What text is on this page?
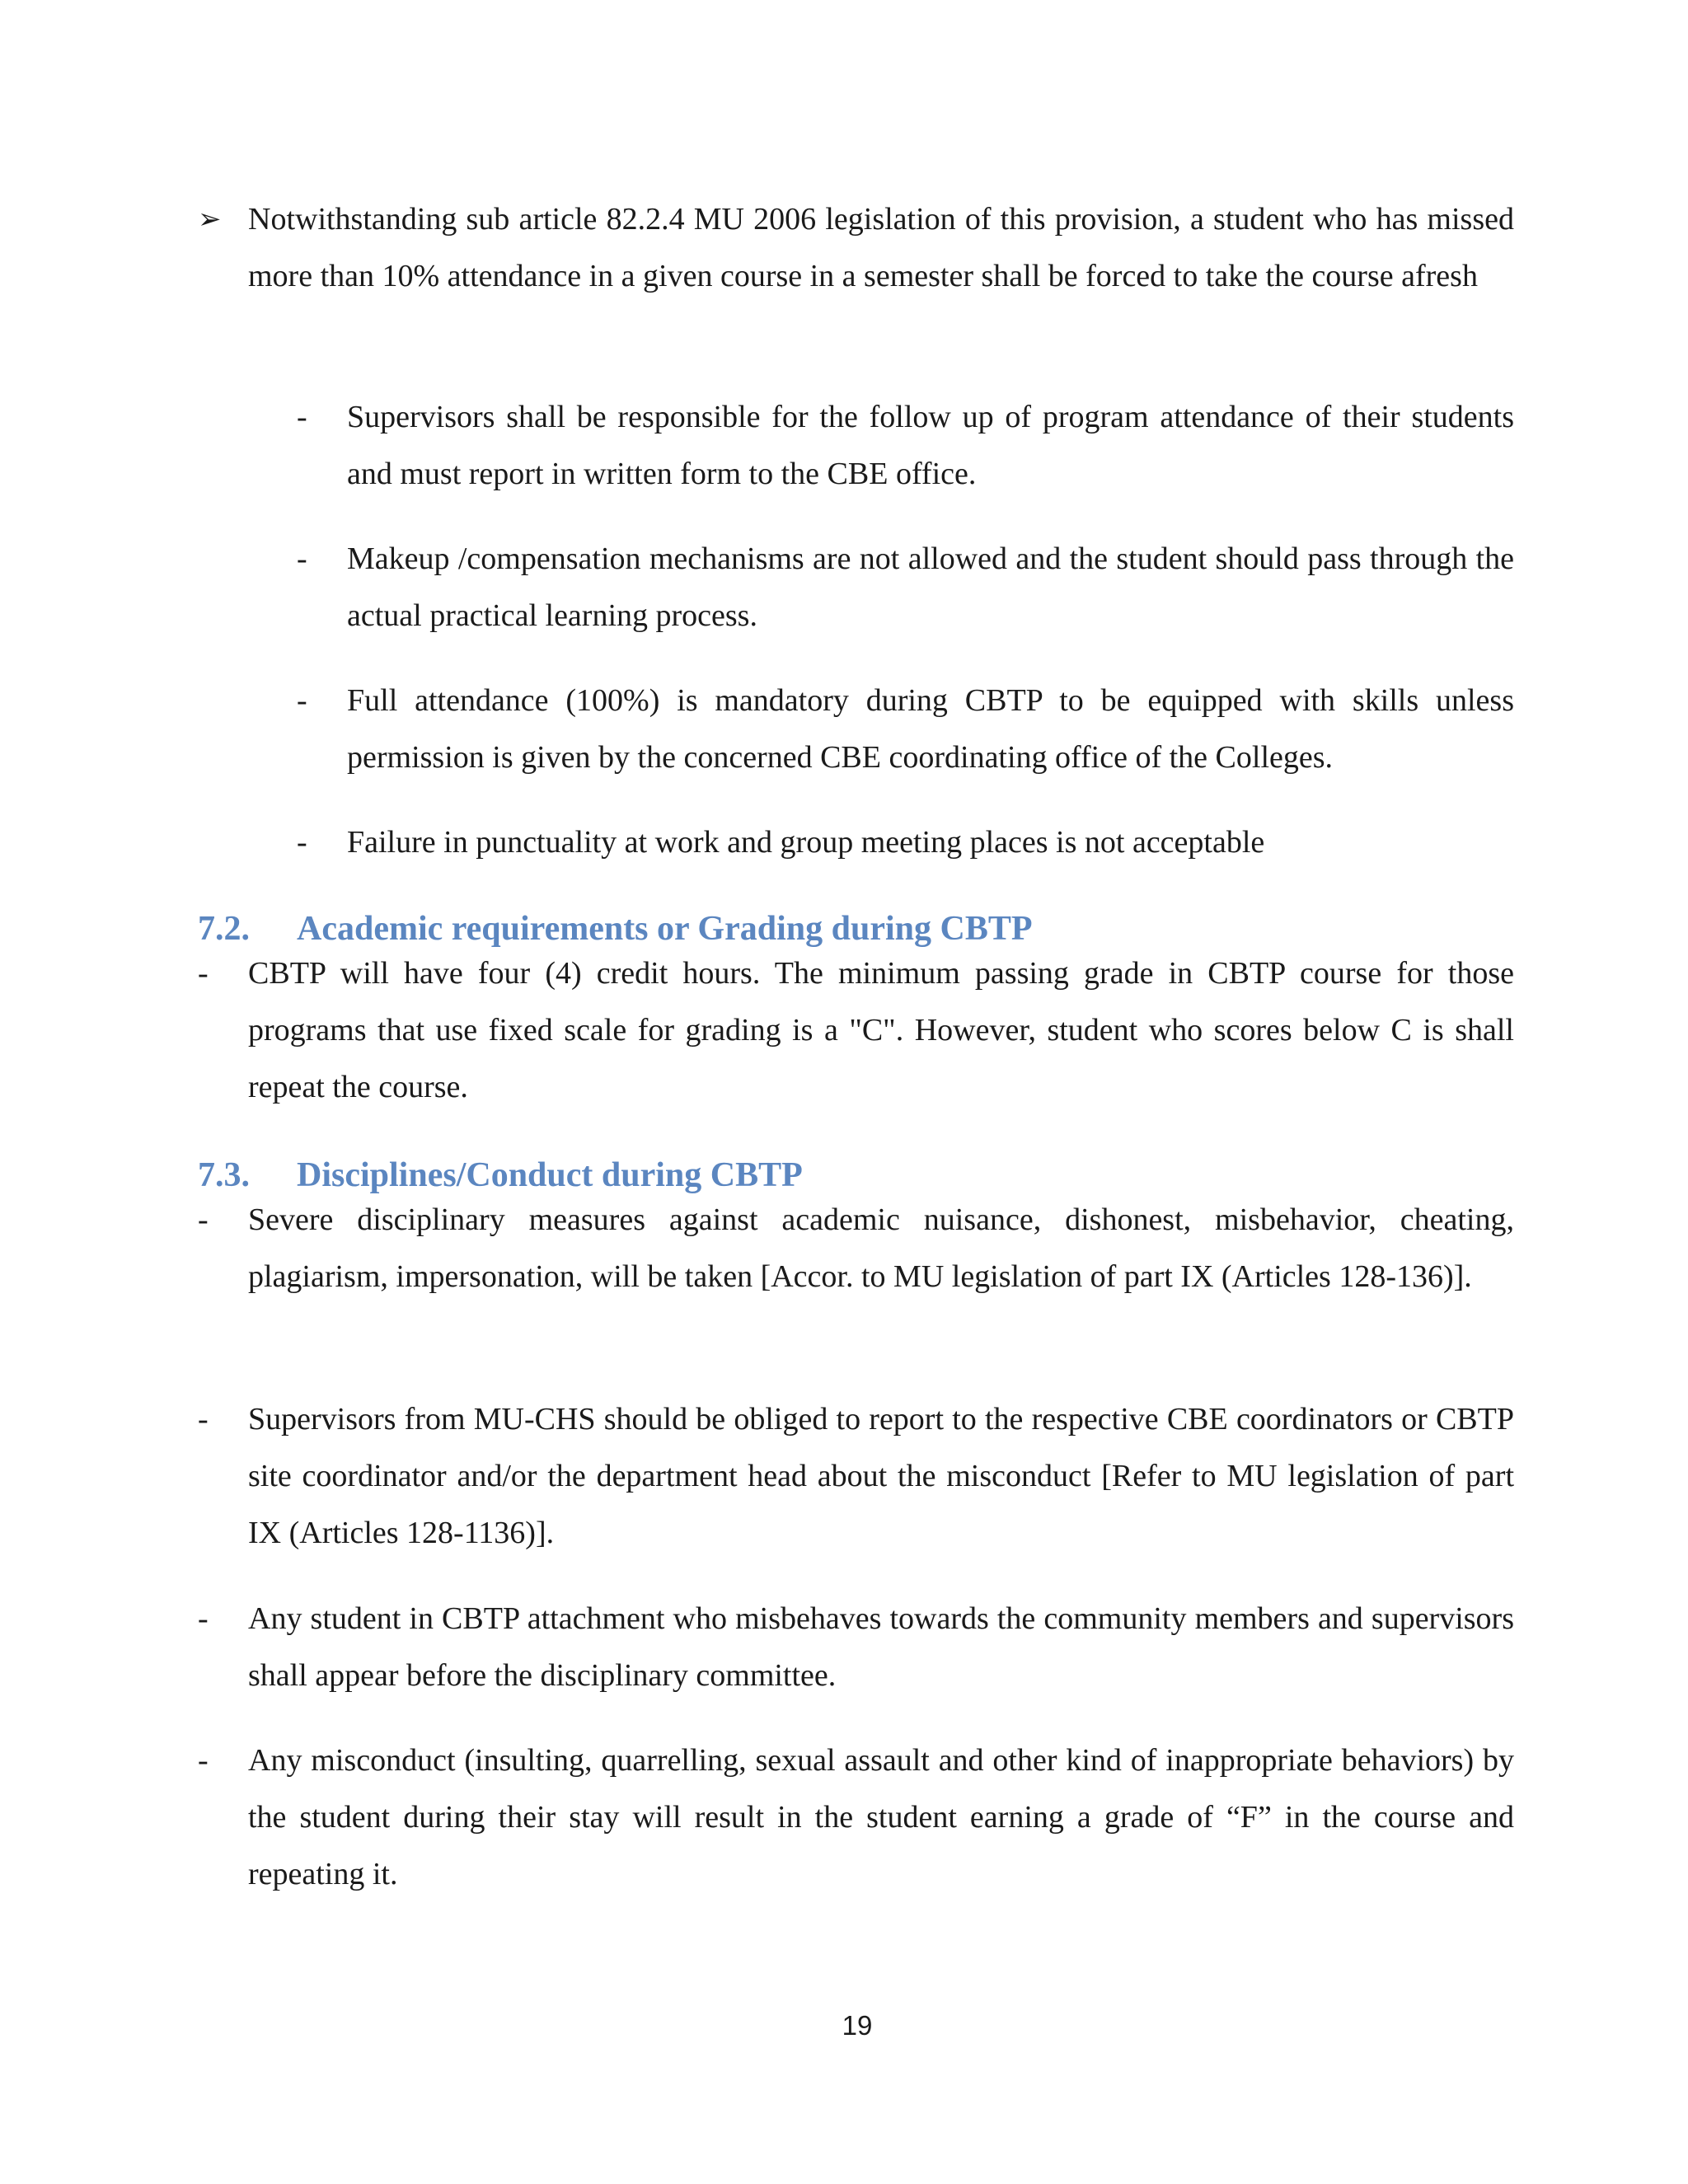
➢ Notwithstanding sub article 82.2.4 MU 2006 legislation of this provision, a student who has missed more than 10% attendance in a given course in a semester shall be forced to take the course afresh
- Supervisors shall be responsible for the follow up of program attendance of their students and must report in written form to the CBE office.
- Makeup /compensation mechanisms are not allowed and the student should pass through the actual practical learning process.
- Full attendance (100%) is mandatory during CBTP to be equipped with skills unless permission is given by the concerned CBE coordinating office of the Colleges.
- Failure in punctuality at work and group meeting places is not acceptable
7.2. Academic requirements or Grading during CBTP
- CBTP will have four (4) credit hours. The minimum passing grade in CBTP course for those programs that use fixed scale for grading is a "C". However, student who scores below C is shall repeat the course.
7.3. Disciplines/Conduct during CBTP
- Severe disciplinary measures against academic nuisance, dishonest, misbehavior, cheating, plagiarism, impersonation, will be taken [Accor. to MU legislation of part IX (Articles 128-136)].
- Supervisors from MU-CHS should be obliged to report to the respective CBE coordinators or CBTP site coordinator and/or the department head about the misconduct [Refer to MU legislation of part IX (Articles 128-1136)].
- Any student in CBTP attachment who misbehaves towards the community members and supervisors shall appear before the disciplinary committee.
- Any misconduct (insulting, quarrelling, sexual assault and other kind of inappropriate behaviors) by the student during their stay will result in the student earning a grade of “F” in the course and repeating it.
19
